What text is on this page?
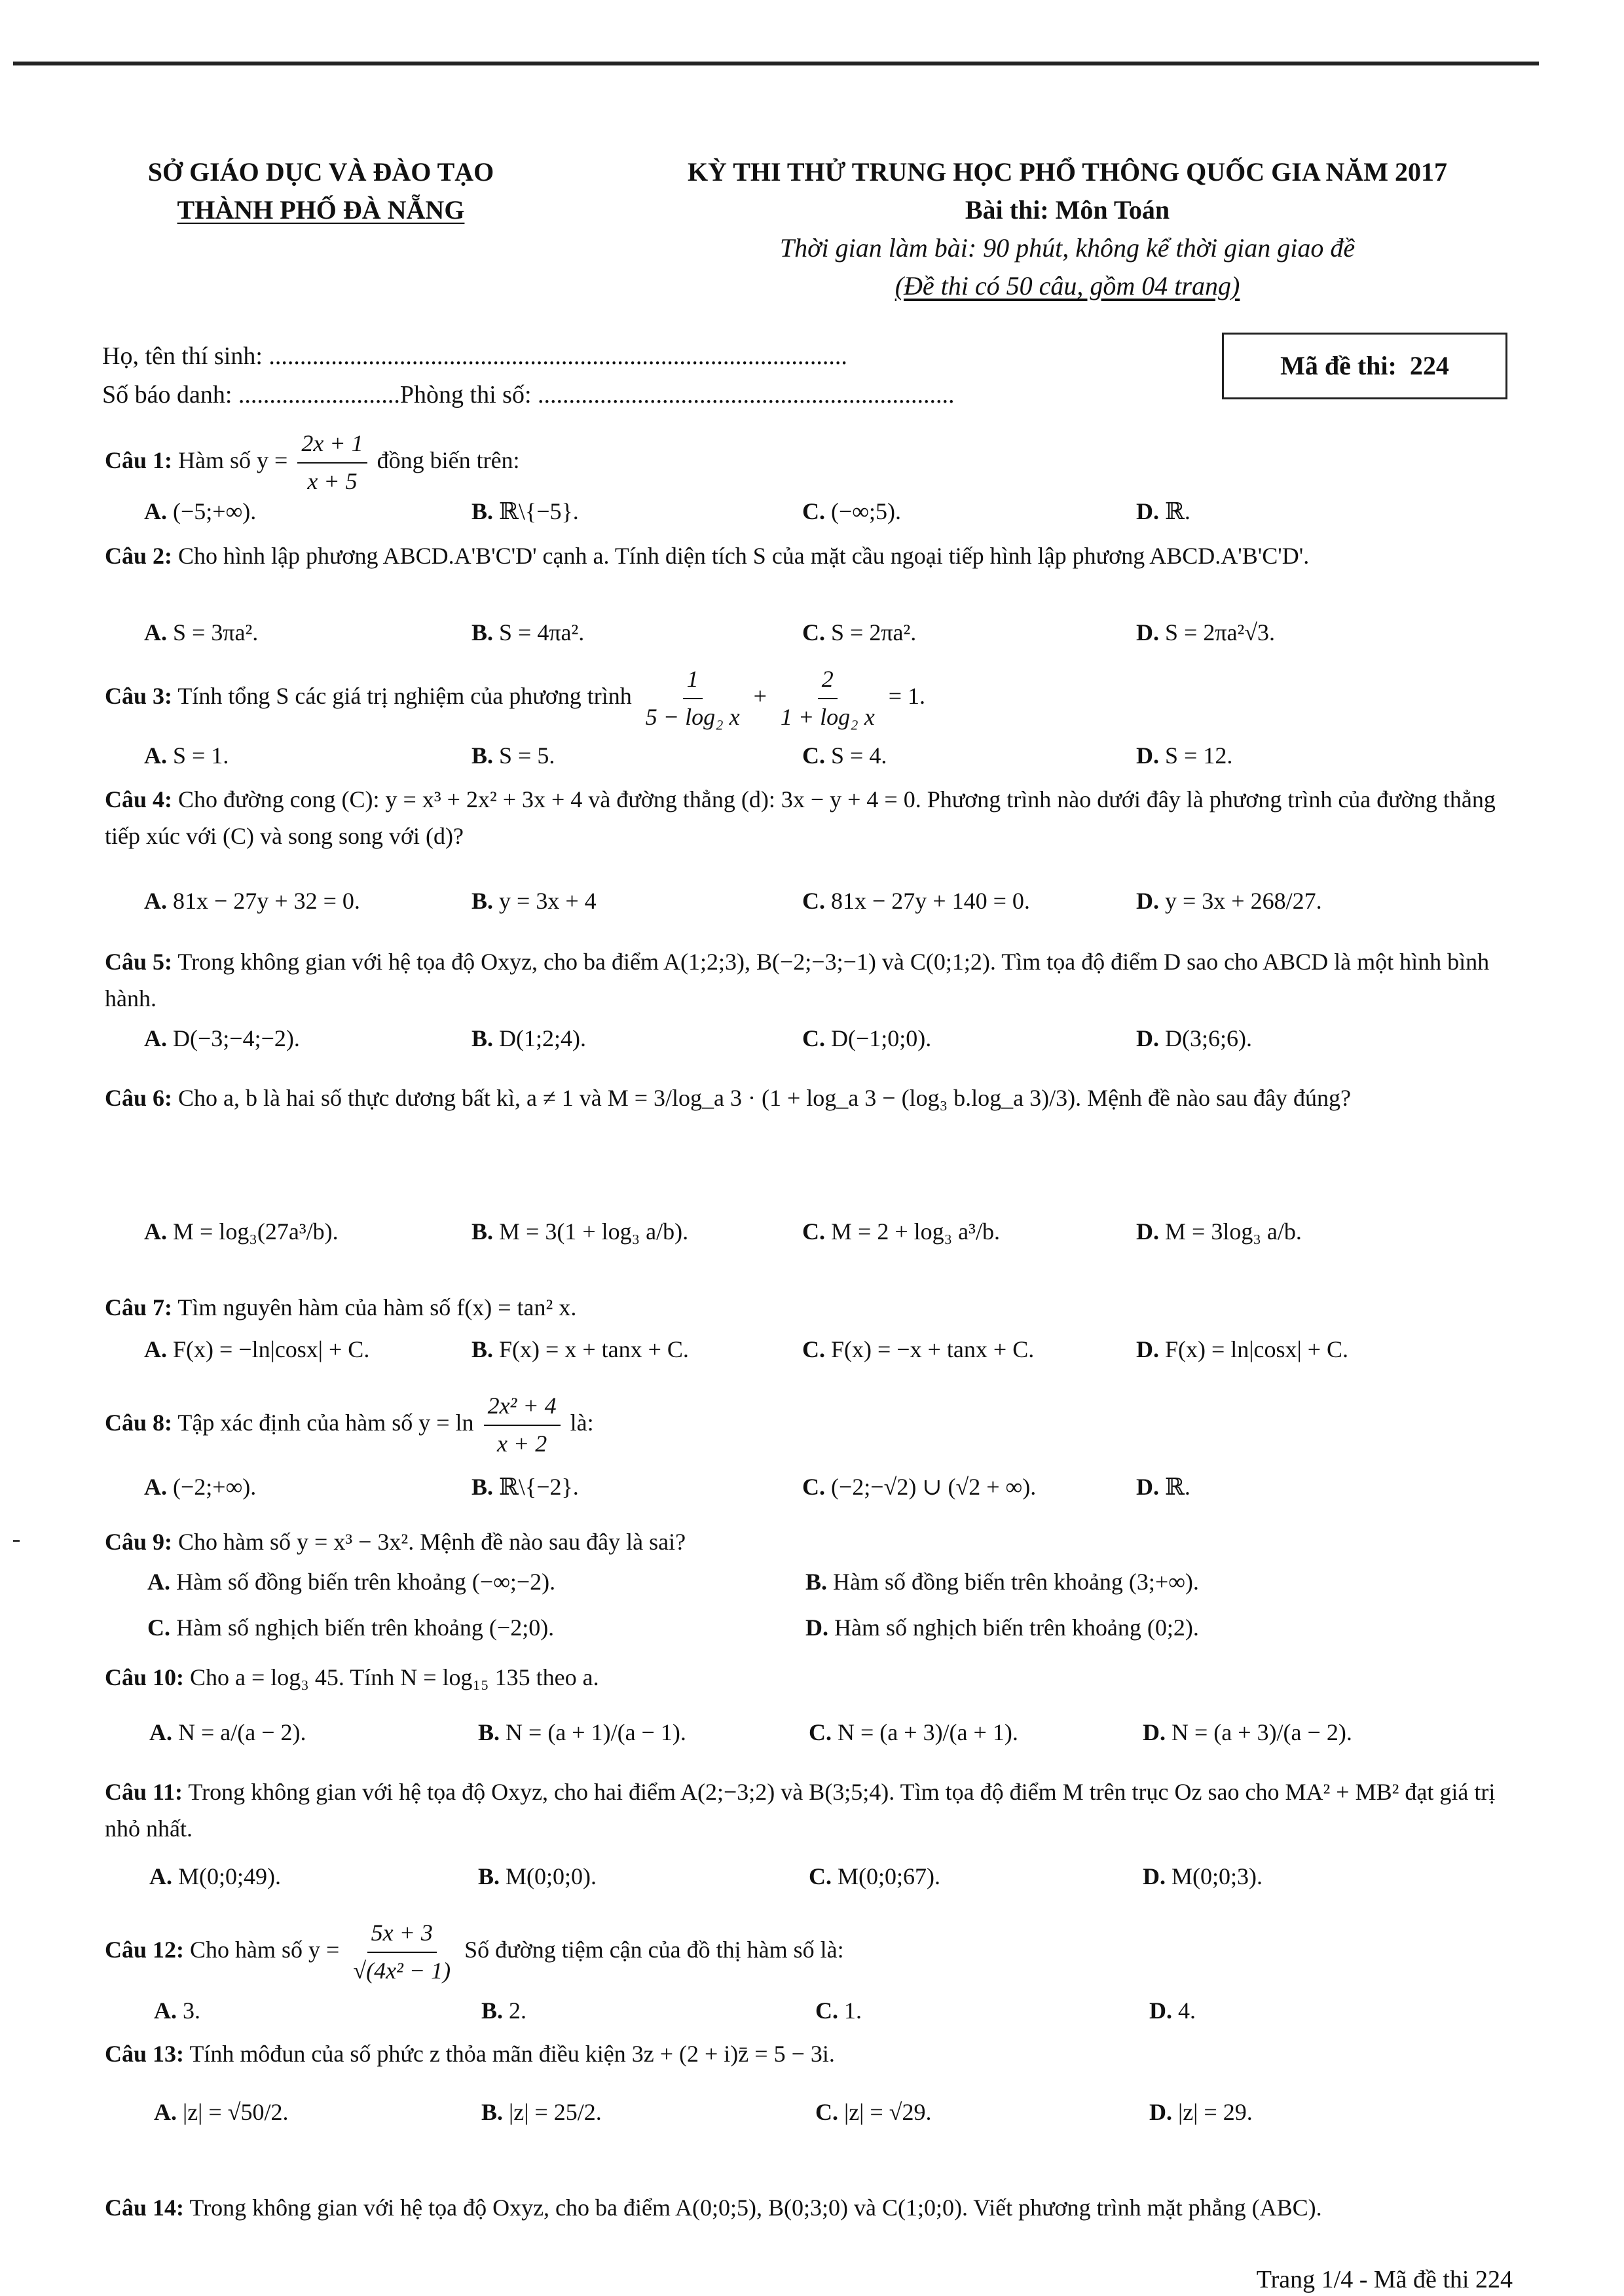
SỞ GIÁO DỤC VÀ ĐÀO TẠO
THÀNH PHỐ ĐÀ NẴNG
KỲ THI THỬ TRUNG HỌC PHỔ THÔNG QUỐC GIA NĂM 2017
Bài thi: Môn Toán
Thời gian làm bài: 90 phút, không kể thời gian giao đề
(Đề thi có 50 câu, gồm 04 trang)
Họ, tên thí sinh: .............................................................................................
Số báo danh: ..........................Phòng thi số: ...................................................................
Mã đề thi:
224
Câu 1: Hàm số $y = \frac{2x + 1}{x + 5}$ đồng biến trên:
A. (−5;+∞).	B. ℝ\{−5}.	C. (−∞;5).	D. ℝ.
Câu 2: Cho hình lập phương ABCD.A'B'C'D' cạnh a. Tính diện tích S của mặt cầu ngoại tiếp hình lập phương ABCD.A'B'C'D'.
A. S = 3πa².	B. S = 4πa².	C. S = 2πa².	D. S = 2πa²√3.
Câu 3: Tính tổng S các giá trị nghiệm của phương trình $\frac{1}{\text{5 − log₂ x}} + \frac{2}{\text{1 + log₂ x}} = 1$.
A. S = 1.	B. S = 5.	C. S = 4.	D. S = 12.
Câu 4: Cho đường cong (C): y = x³ + 2x² + 3x + 4 và đường thẳng (d): 3x − y + 4 = 0. Phương trình nào dưới đây là phương trình của đường thẳng tiếp xúc với (C) và song song với (d)?
A. 81x − 27y + 32 = 0.	B. y = 3x + 4	C. 81x − 27y + 140 = 0.	D. y = 3x + 268/27.
Câu 5: Trong không gian với hệ tọa độ Oxyz, cho ba điểm A(1;2;3), B(−2;−3;−1) và C(0;1;2). Tìm tọa độ điểm D sao cho ABCD là một hình bình hành.
A. D(−3;−4;−2).	B. D(1;2;4).	C. D(−1;0;0).	D. D(3;6;6).
Câu 6: Cho a, b là hai số thực dương bất kì, a ≠ 1 và M = 3/log_a 3 · (1 + log_a 3 − (log₃ b.log_a 3)/3). Mệnh đề nào sau đây đúng?
A. M = log₃(27a³/b).	B. M = 3(1 + log₃ a/b).	C. M = 2 + log₃ a³/b.	D. M = 3log₃ a/b.
Câu 7: Tìm nguyên hàm của hàm số f(x) = tan² x.
A. F(x) = −ln|cosx| + C.	B. F(x) = x + tanx + C.	C. F(x) = −x + tanx + C.	D. F(x) = ln|cosx| + C.
Câu 8: Tập xác định của hàm số $y = \ln \frac{\text{2x² + 4}}{x + 2}$ là:
A. (−2;+∞).	B. ℝ\{−2}.	C. (−2;−√2) ∪ (√2 + ∞).	D. ℝ.
Câu 9: Cho hàm số y = x³ − 3x². Mệnh đề nào sau đây là sai?
A. Hàm số đồng biến trên khoảng (−∞;−2).	B. Hàm số đồng biến trên khoảng (3;+∞).
C. Hàm số nghịch biến trên khoảng (−2;0).	D. Hàm số nghịch biến trên khoảng (0;2).
Câu 10: Cho a = log₃ 45. Tính N = log₁₅ 135 theo a.
A. N = a/(a − 2).	B. N = (a + 1)/(a − 1).	C. N = (a + 3)/(a + 1).	D. N = (a + 3)/(a − 2).
Câu 11: Trong không gian với hệ tọa độ Oxyz, cho hai điểm A(2;−3;2) và B(3;5;4). Tìm tọa độ điểm M trên trục Oz sao cho MA² + MB² đạt giá trị nhỏ nhất.
A. M(0;0;49).	B. M(0;0;0).	C. M(0;0;67).	D. M(0;0;3).
Câu 12: Cho hàm số $y = \frac{5x + 3}{\text{√(4x² − 1)}}$ Số đường tiệm cận của đồ thị hàm số là:
A. 3.	B. 2.	C. 1.	D. 4.
Câu 13: Tính môđun của số phức z thỏa mãn điều kiện 3z + (2 + i)z̄ = 5 − 3i.
A. |z| = √50/2.	B. |z| = 25/2.	C. |z| = √29.	D. |z| = 29.
Câu 14: Trong không gian với hệ tọa độ Oxyz, cho ba điểm A(0;0;5), B(0;3;0) và C(1;0;0). Viết phương trình mặt phẳng (ABC).
Trang 1/4 - Mã đề thi 224
